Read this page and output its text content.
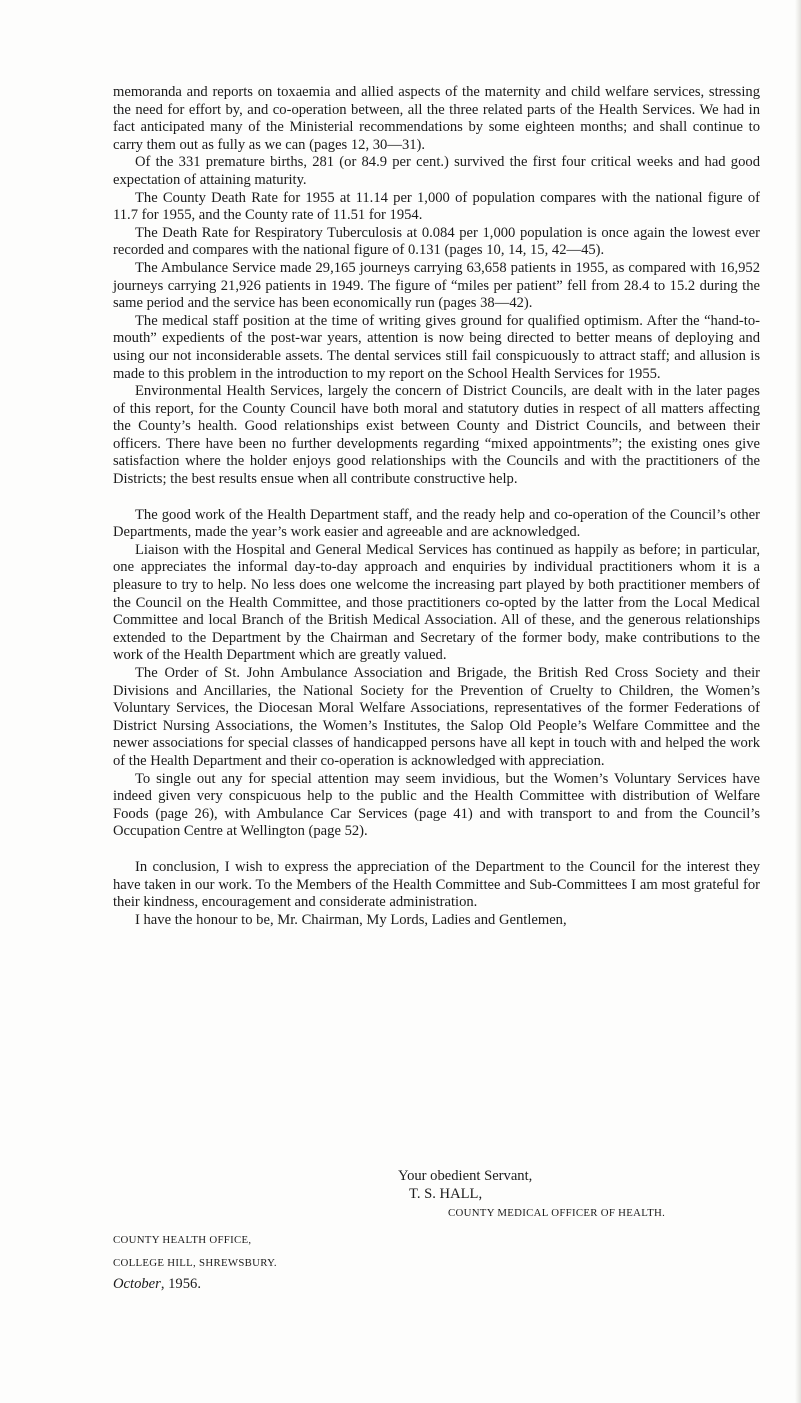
memoranda and reports on toxaemia and allied aspects of the maternity and child welfare services, stressing the need for effort by, and co-operation between, all the three related parts of the Health Services. We had in fact anticipated many of the Ministerial recommendations by some eighteen months; and shall continue to carry them out as fully as we can (pages 12, 30—31).

Of the 331 premature births, 281 (or 84.9 per cent.) survived the first four critical weeks and had good expectation of attaining maturity.

The County Death Rate for 1955 at 11.14 per 1,000 of population compares with the national figure of 11.7 for 1955, and the County rate of 11.51 for 1954.

The Death Rate for Respiratory Tuberculosis at 0.084 per 1,000 population is once again the lowest ever recorded and compares with the national figure of 0.131 (pages 10, 14, 15, 42—45).

The Ambulance Service made 29,165 journeys carrying 63,658 patients in 1955, as compared with 16,952 journeys carrying 21,926 patients in 1949. The figure of “miles per patient” fell from 28.4 to 15.2 during the same period and the service has been economically run (pages 38—42).

The medical staff position at the time of writing gives ground for qualified optimism. After the “hand-to-mouth” expedients of the post-war years, attention is now being directed to better means of deploying and using our not inconsiderable assets. The dental services still fail conspicuously to attract staff; and allusion is made to this problem in the introduction to my report on the School Health Services for 1955.

Environmental Health Services, largely the concern of District Councils, are dealt with in the later pages of this report, for the County Council have both moral and statutory duties in respect of all matters affecting the County’s health. Good relationships exist between County and District Councils, and between their officers. There have been no further developments regarding “mixed appointments”; the existing ones give satisfaction where the holder enjoys good relationships with the Councils and with the practitioners of the Districts; the best results ensue when all contribute constructive help.

The good work of the Health Department staff, and the ready help and co-operation of the Council’s other Departments, made the year’s work easier and agreeable and are acknowledged.

Liaison with the Hospital and General Medical Services has continued as happily as before; in particular, one appreciates the informal day-to-day approach and enquiries by individual practitioners whom it is a pleasure to try to help. No less does one welcome the increasing part played by both practitioner members of the Council on the Health Committee, and those practitioners co-opted by the latter from the Local Medical Committee and local Branch of the British Medical Association. All of these, and the generous relationships extended to the Department by the Chairman and Secretary of the former body, make contributions to the work of the Health Department which are greatly valued.

The Order of St. John Ambulance Association and Brigade, the British Red Cross Society and their Divisions and Ancillaries, the National Society for the Prevention of Cruelty to Children, the Women’s Voluntary Services, the Diocesan Moral Welfare Associations, representatives of the former Federations of District Nursing Associations, the Women’s Institutes, the Salop Old People’s Welfare Committee and the newer associations for special classes of handicapped persons have all kept in touch with and helped the work of the Health Department and their co-operation is acknowledged with appreciation.

To single out any for special attention may seem invidious, but the Women’s Voluntary Services have indeed given very conspicuous help to the public and the Health Committee with distribution of Welfare Foods (page 26), with Ambulance Car Services (page 41) and with transport to and from the Council’s Occupation Centre at Wellington (page 52).

In conclusion, I wish to express the appreciation of the Department to the Council for the interest they have taken in our work. To the Members of the Health Committee and Sub-Committees I am most grateful for their kindness, encouragement and considerate administration.

I have the honour to be, Mr. Chairman, My Lords, Ladies and Gentlemen,

Your obedient Servant,
T. S. HALL,
COUNTY MEDICAL OFFICER OF HEALTH.
COUNTY HEALTH OFFICE,
COLLEGE HILL, SHREWSBURY.
October, 1956.
